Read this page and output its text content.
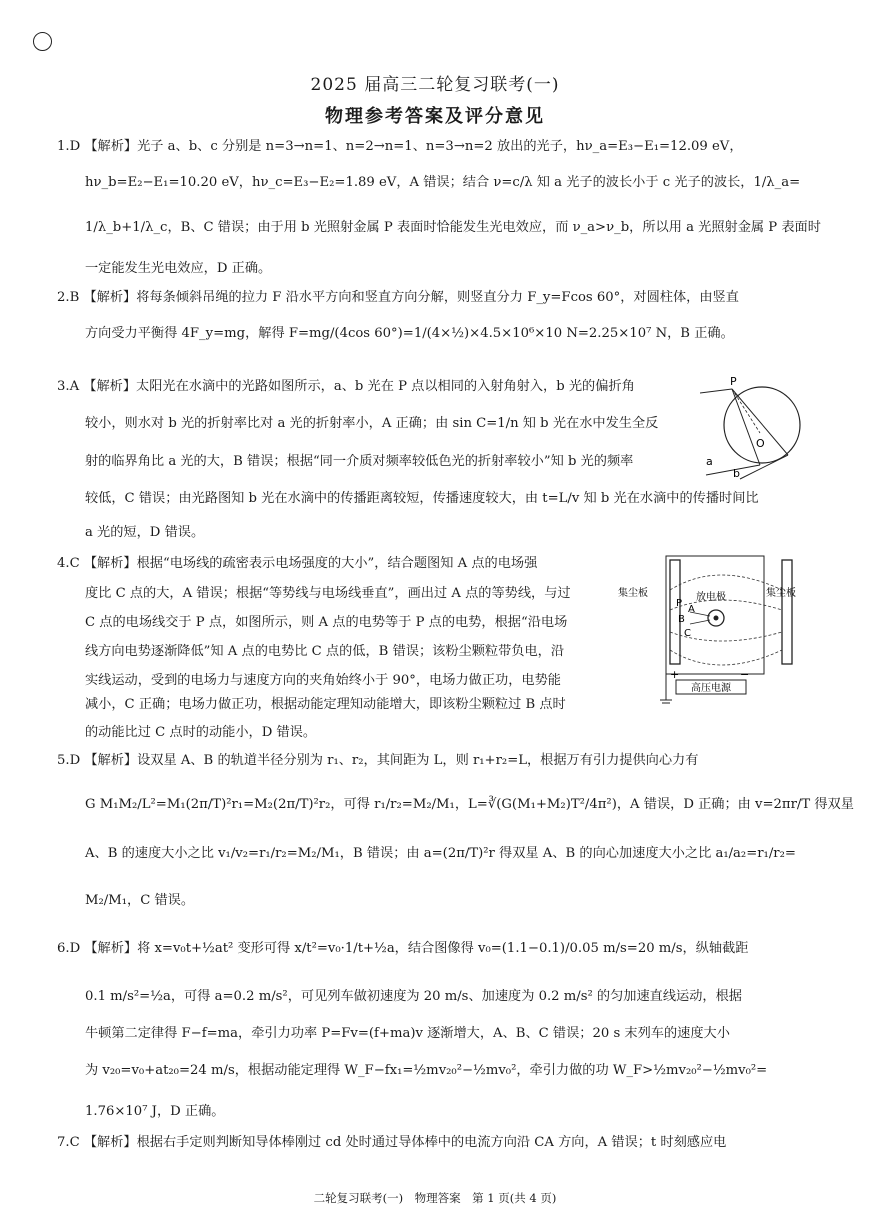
2025 届高三二轮复习联考(一)
物理参考答案及评分意见
1.D 【解析】光子 a、b、c 分别是 n=3→n=1、n=2→n=1、n=3→n=2 放出的光子，hν_a=E₃−E₁=12.09 eV，
hν_b=E₂−E₁=10.20 eV，hν_c=E₃−E₂=1.89 eV，A 错误；结合 ν=c/λ 知 a 光子的波长小于 c 光子的波长，1/λ_a=
1/λ_b+1/λ_c，B、C 错误；由于用 b 光照射金属 P 表面时恰能发生光电效应，而 ν_a>ν_b，所以用 a 光照射金属 P 表面时
一定能发生光电效应，D 正确。
2.B 【解析】将每条倾斜吊绳的拉力 F 沿水平方向和竖直方向分解，则竖直分力 F_y=Fcos 60°，对圆柱体，由竖直
方向受力平衡得 4F_y=mg，解得 F=mg/(4cos 60°)=1/(4×½)×4.5×10⁶×10 N=2.25×10⁷ N，B 正确。
3.A 【解析】太阳光在水滴中的光路如图所示，a、b 光在 P 点以相同的入射角射入，b 光的偏折角
较小，则水对 b 光的折射率比对 a 光的折射率小，A 正确；由 sin C=1/n 知 b 光在水中发生全反
射的临界角比 a 光的大，B 错误；根据“同一介质对频率较低色光的折射率较小”知 b 光的频率
较低，C 错误；由光路图知 b 光在水滴中的传播距离较短，传播速度较大，由 t=L/v 知 b 光在水滴中的传播时间比
a 光的短，D 错误。
P
a
b
O
4.C 【解析】根据“电场线的疏密表示电场强度的大小”，结合题图知 A 点的电场强
度比 C 点的大，A 错误；根据“等势线与电场线垂直”，画出过 A 点的等势线，与过
C 点的电场线交于 P 点，如图所示，则 A 点的电势等于 P 点的电势，根据“沿电场
线方向电势逐渐降低”知 A 点的电势比 C 点的低，B 错误；该粉尘颗粒带负电，沿
实线运动，受到的电场力与速度方向的夹角始终小于 90°，电场力做正功，电势能
减小，C 正确；电场力做正功，根据动能定理知动能增大，即该粉尘颗粒过 B 点时
的动能比过 C 点时的动能小，D 错误。
高压电源
+	−
集尘板	集尘板
放电极
A
B
C
P
5.D 【解析】设双星 A、B 的轨道半径分别为 r₁、r₂，其间距为 L，则 r₁+r₂=L，根据万有引力提供向心力有
G M₁M₂/L²=M₁(2π/T)²r₁=M₂(2π/T)²r₂，可得 r₁/r₂=M₂/M₁，L=∛(G(M₁+M₂)T²/4π²)，A 错误，D 正确；由 v=2πr/T 得双星
A、B 的速度大小之比 v₁/v₂=r₁/r₂=M₂/M₁，B 错误；由 a=(2π/T)²r 得双星 A、B 的向心加速度大小之比 a₁/a₂=r₁/r₂=
M₂/M₁，C 错误。
6.D 【解析】将 x=v₀t+½at² 变形可得 x/t²=v₀·1/t+½a，结合图像得 v₀=(1.1−0.1)/0.05 m/s=20 m/s，纵轴截距
0.1 m/s²=½a，可得 a=0.2 m/s²，可见列车做初速度为 20 m/s、加速度为 0.2 m/s² 的匀加速直线运动，根据
牛顿第二定律得 F−f=ma，牵引力功率 P=Fv=(f+ma)v 逐渐增大，A、B、C 错误；20 s 末列车的速度大小
为 v₂₀=v₀+at₂₀=24 m/s，根据动能定理得 W_F−fx₁=½mv₂₀²−½mv₀²，牵引力做的功 W_F>½mv₂₀²−½mv₀²=
1.76×10⁷ J，D 正确。
7.C 【解析】根据右手定则判断知导体棒刚过 cd 处时通过导体棒中的电流方向沿 CA 方向，A 错误；t 时刻感应电
二轮复习联考(一)　物理答案　第 1 页(共 4 页)
